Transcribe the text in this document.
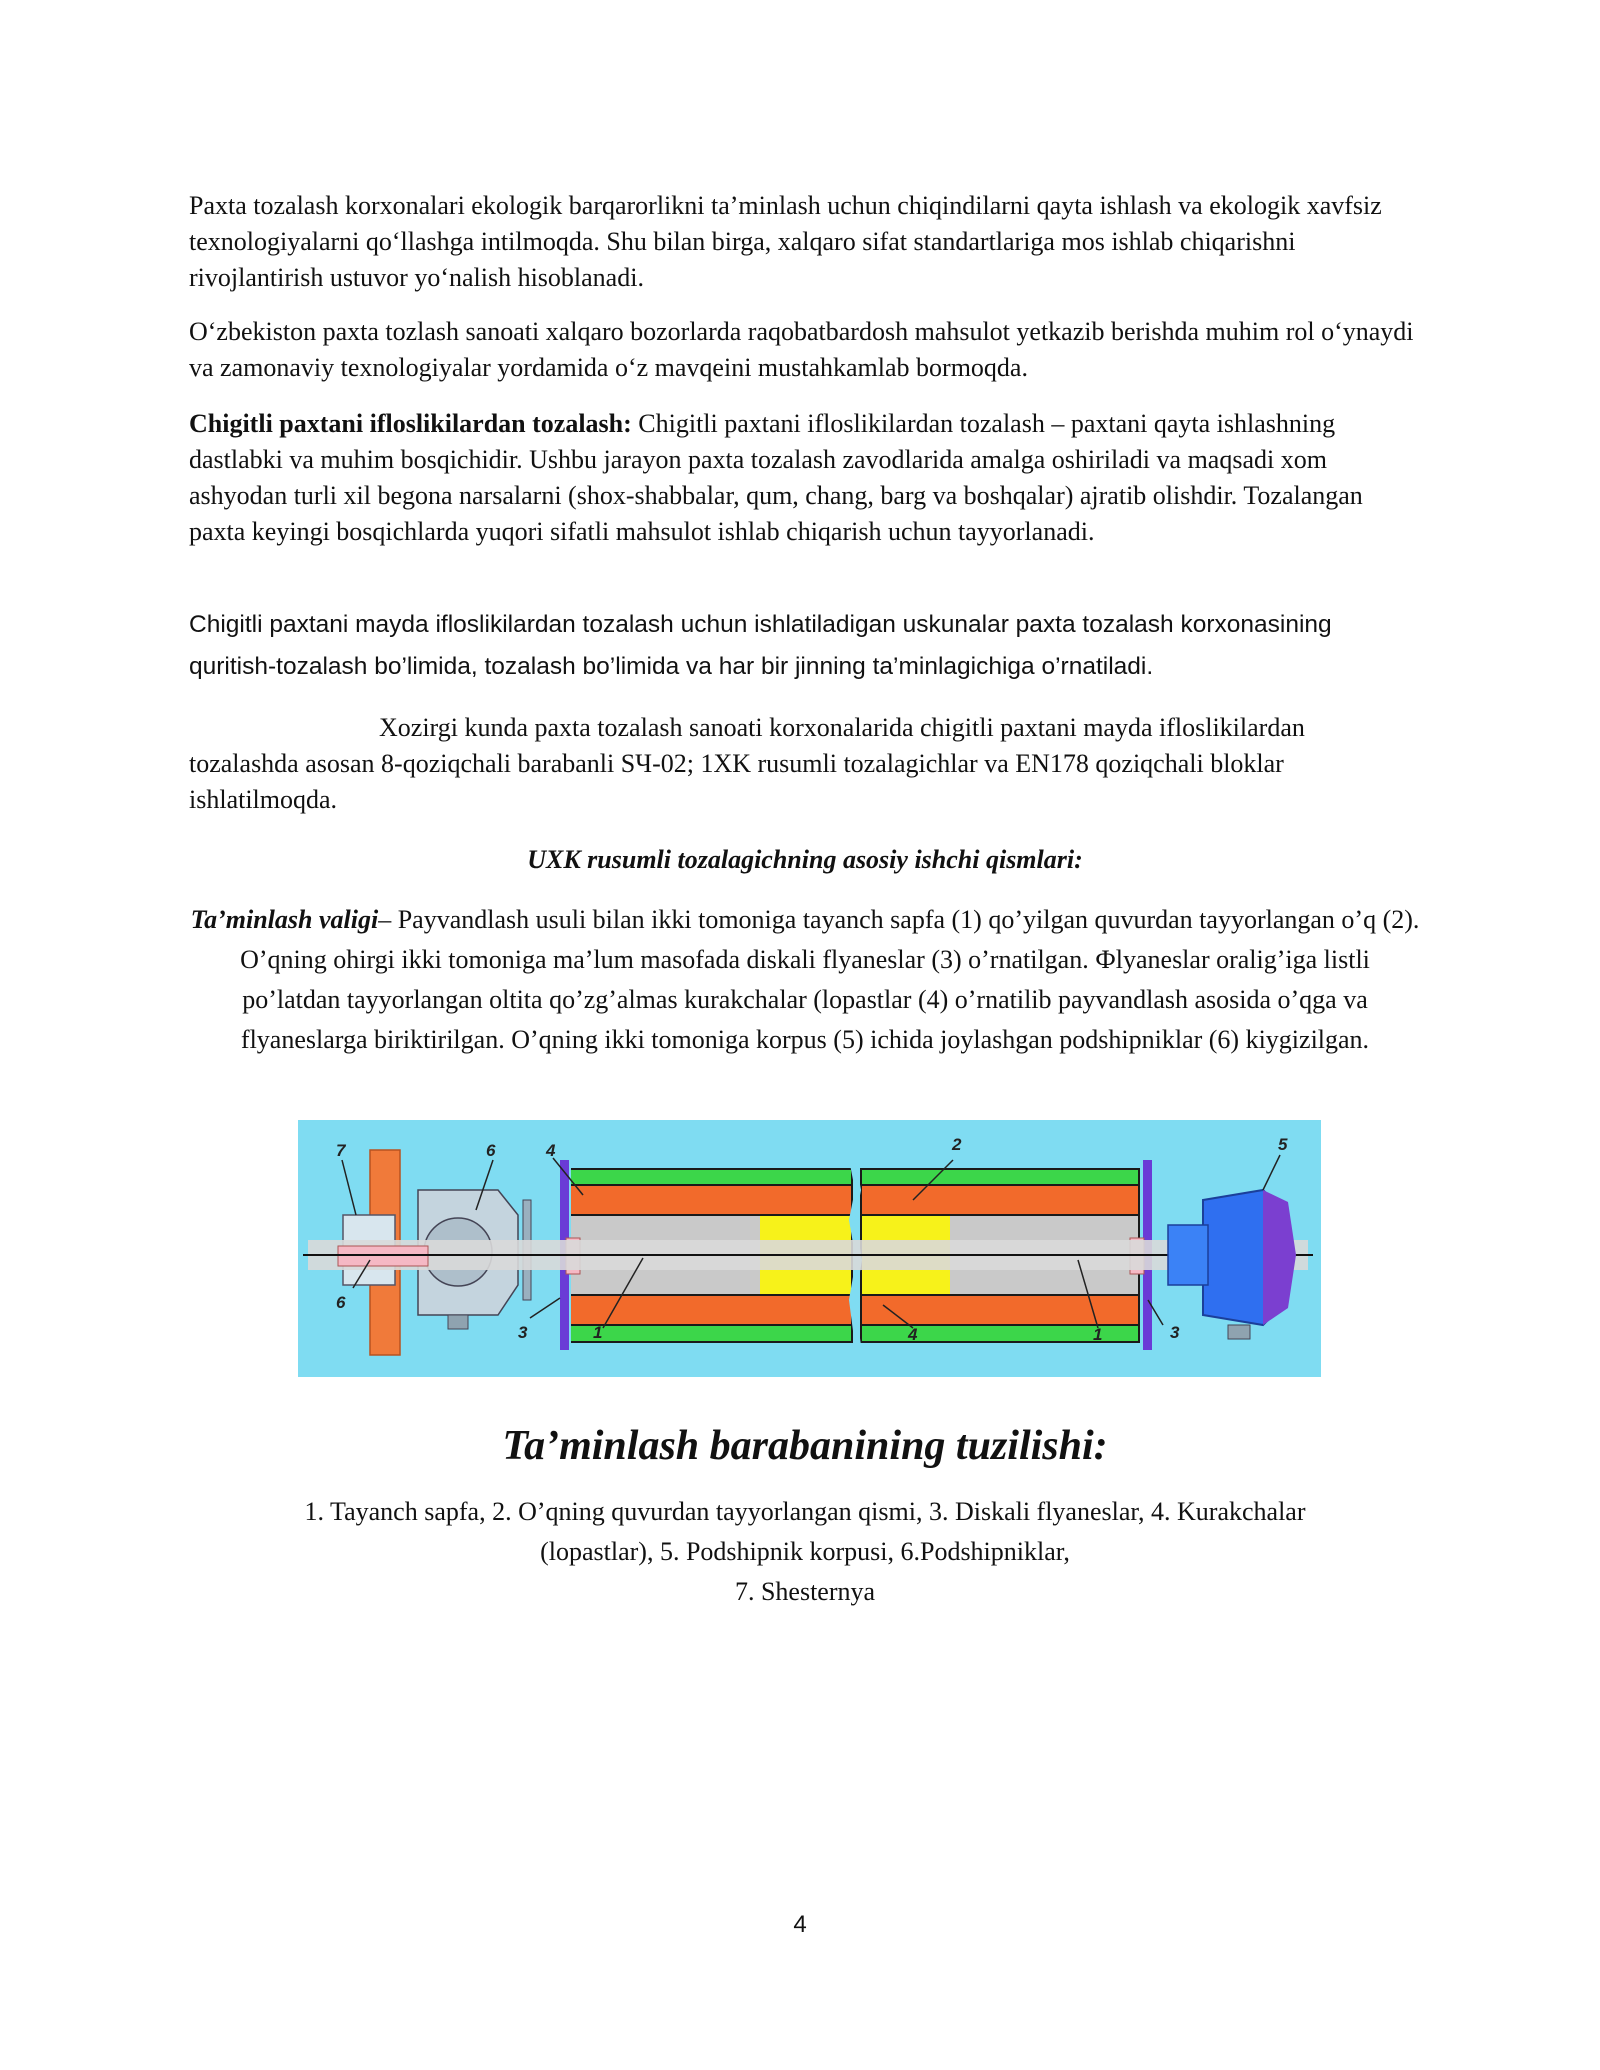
Paxta tozalash korxonalari ekologik barqarorlikni ta’minlash uchun chiqindilarni qayta ishlash va ekologik xavfsiz texnologiyalarni qo‘llashga intilmoqda. Shu bilan birga, xalqaro sifat standartlariga mos ishlab chiqarishni rivojlantirish ustuvor yo‘nalish hisoblanadi.

O‘zbekiston paxta tozlash sanoati xalqaro bozorlarda raqobatbardosh mahsulot yetkazib berishda muhim rol o‘ynaydi va zamonaviy texnologiyalar yordamida o‘z mavqeini mustahkamlab bormoqda.

Chigitli paxtani ifloslikilardan tozalash: Chigitli paxtani ifloslikilardan tozalash – paxtani qayta ishlashning dastlabki va muhim bosqichidir. Ushbu jarayon paxta tozalash zavodlarida amalga oshiriladi va maqsadi xom ashyodan turli xil begona narsalarni (shox-shabbalar, qum, chang, barg va boshqalar) ajratib olishdir. Tozalangan paxta keyingi bosqichlarda yuqori sifatli mahsulot ishlab chiqarish uchun tayyorlanadi.

Chigitli paxtani mayda ifloslikilardan tozalash uchun ishlatiladigan uskunalar paxta tozalash korxonasining quritish-tozalash bo’limida, tozalash bo’limida va har bir jinning ta’minlagichiga o’rnatiladi.

Xozirgi kunda paxta tozalash sanoati korxonalarida chigitli paxtani mayda ifloslikilardan tozalashda asosan 8-qoziqchali barabanli SЧ-02; 1XK rusumli tozalagichlar va EN178 qoziqchali bloklar ishlatilmoqda.

UXK rusumli tozalagichning asosiy ishchi qismlari:

Ta’minlash valigi– Payvandlash usuli bilan ikki tomoniga tayanch sapfa (1) qo’yilgan quvurdan tayyorlangan o’q (2). O’qning ohirgi ikki tomoniga ma’lum masofada diskali flyaneslar (3) o’rnatilgan. Фlyaneslar oralig’iga listli po’latdan tayyorlangan oltita qo’zg’almas kurakchalar (lopastlar (4) o’rnatilib payvandlash asosida o’qga va flyaneslarga biriktirilgan. O’qning ikki tomoniga korpus (5) ichida joylashgan podshipniklar (6) kiygizilgan.

7	6	4	2	5
6
3	1	4	1	3

Ta’minlash barabanining tuzilishi:

1. Tayanch sapfa, 2. O’qning quvurdan tayyorlangan qismi, 3. Diskali flyaneslar, 4. Kurakchalar
(lopastlar), 5. Podshipnik korpusi, 6.Podshipniklar,
7. Shesternya

4
